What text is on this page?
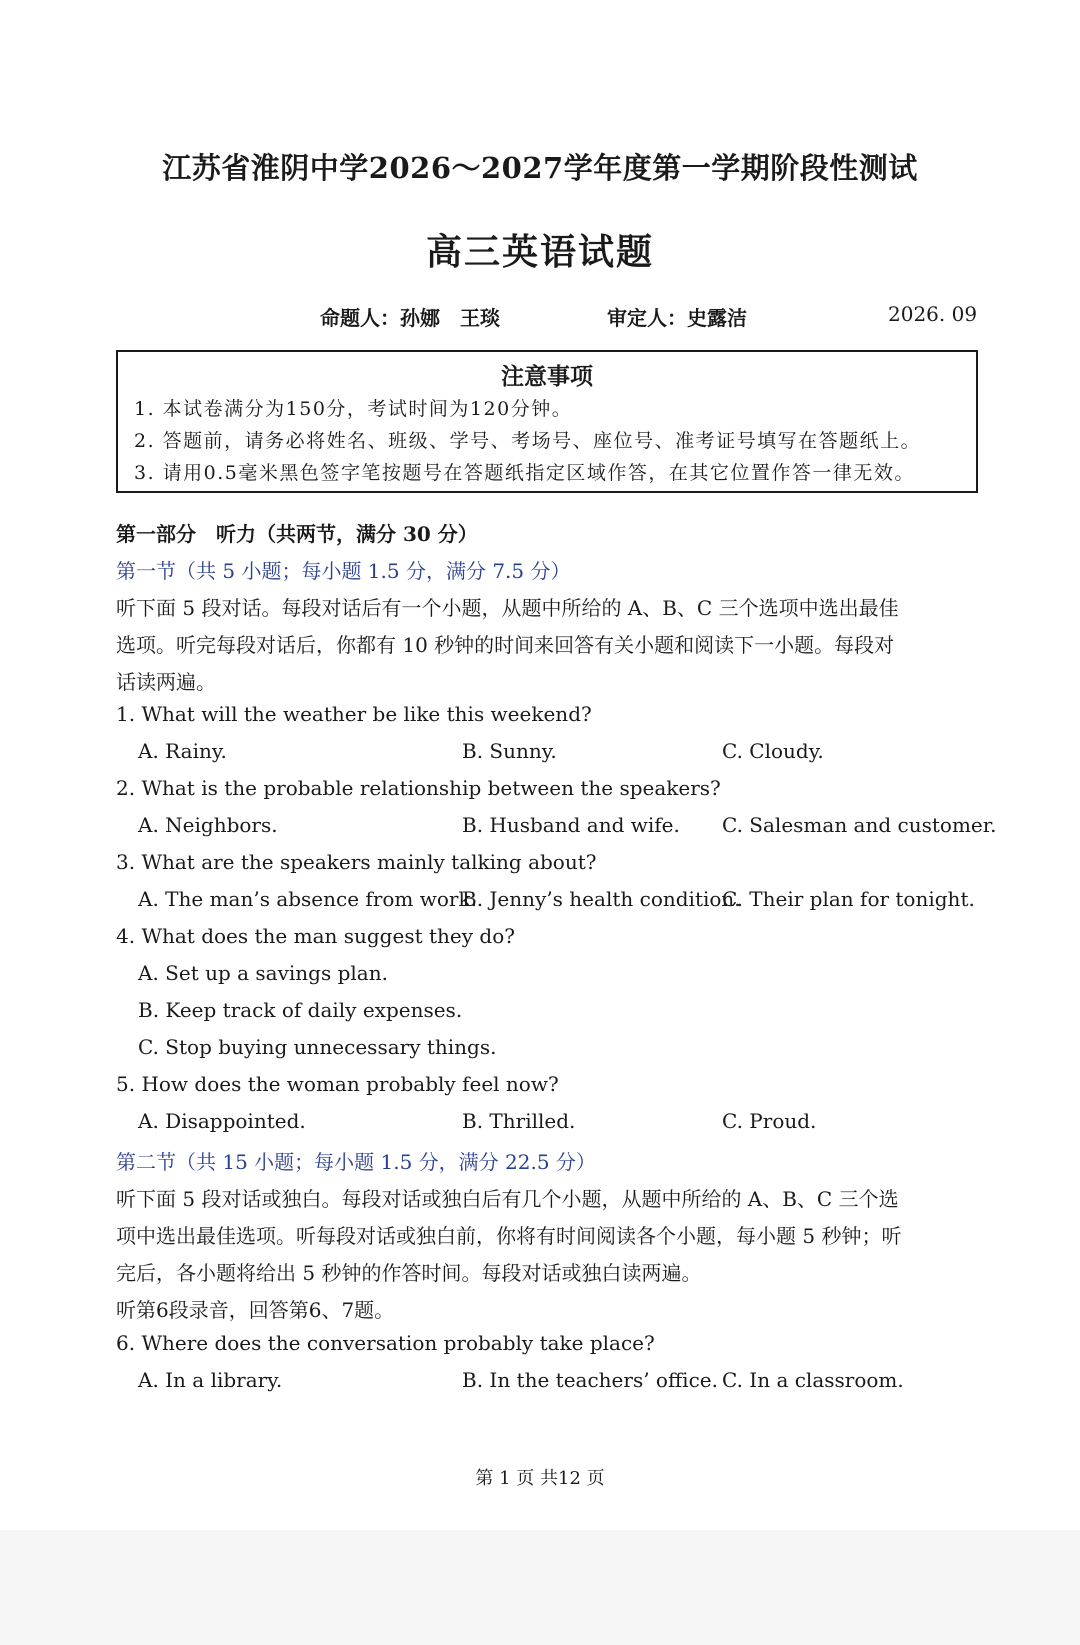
江苏省淮阴中学2026～2027学年度第一学期阶段性测试
高三英语试题
命题人：孙娜　王琰	审定人：史露洁	2026. 09
注意事项
1. 本试卷满分为150分，考试时间为120分钟。
2. 答题前，请务必将姓名、班级、学号、考场号、座位号、准考证号填写在答题纸上。
3. 请用0.5毫米黑色签字笔按题号在答题纸指定区域作答，在其它位置作答一律无效。
第一部分　听力（共两节，满分 30 分）
第一节（共 5 小题；每小题 1.5 分，满分 7.5 分）
听下面 5 段对话。每段对话后有一个小题，从题中所给的 A、B、C 三个选项中选出最佳
选项。听完每段对话后，你都有 10 秒钟的时间来回答有关小题和阅读下一小题。每段对
话读两遍。
1. What will the weather be like this weekend?
A. Rainy.	B. Sunny.	C. Cloudy.
2. What is the probable relationship between the speakers?
A. Neighbors.	B. Husband and wife. C. Salesman and customer.
3. What are the speakers mainly talking about?
A. The man’s absence from work.
B. Jenny’s health condition.
C. Their plan for tonight.
4. What does the man suggest they do?
A. Set up a savings plan.
B. Keep track of daily expenses.
C. Stop buying unnecessary things.
5. How does the woman probably feel now?
A. Disappointed.	B. Thrilled.	C. Proud.
第二节（共 15 小题；每小题 1.5 分，满分 22.5 分）
听下面 5 段对话或独白。每段对话或独白后有几个小题，从题中所给的 A、B、C 三个选
项中选出最佳选项。听每段对话或独白前，你将有时间阅读各个小题，每小题 5 秒钟；听
完后，各小题将给出 5 秒钟的作答时间。每段对话或独白读两遍。
听第6段录音，回答第6、7题。
6. Where does the conversation probably take place?
A. In a library.	B. In the teachers’ office. C. In a classroom.
第 1 页 共12 页
